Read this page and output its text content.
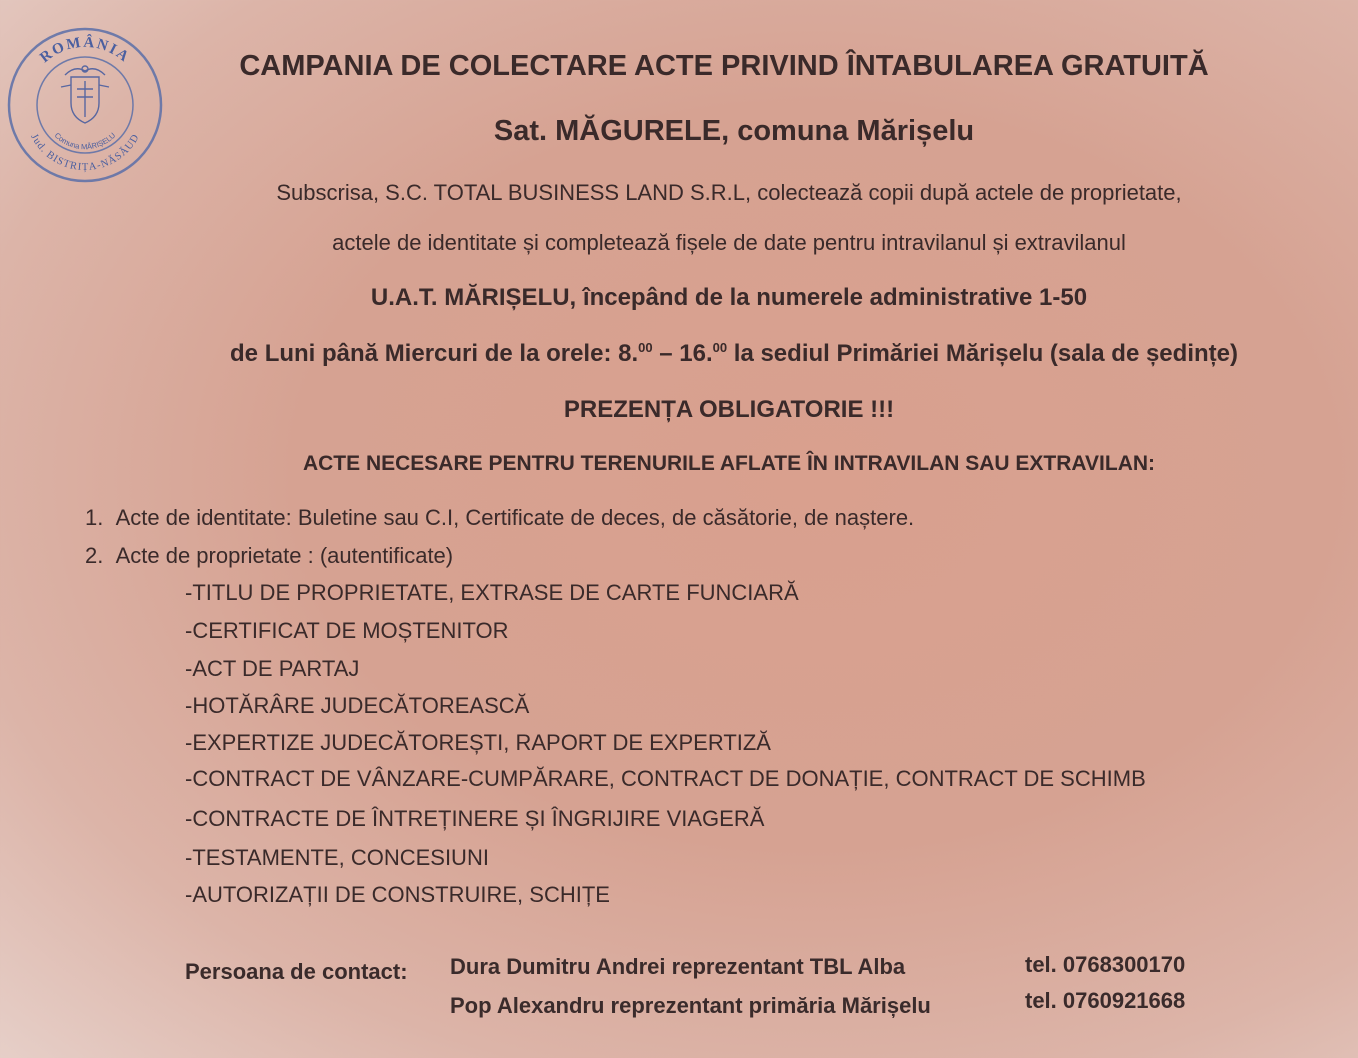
ROMÂNIA
Jud. BISTRIȚA-NĂSĂUD
Comuna MĂRIȘELU
CAMPANIA DE COLECTARE ACTE PRIVIND ÎNTABULAREA GRATUITĂ
Sat. MĂGURELE, comuna Mărișelu
Subscrisa, S.C. TOTAL BUSINESS LAND S.R.L, colectează copii după actele de proprietate,
actele de identitate și completează fișele de date pentru intravilanul și extravilanul
U.A.T. MĂRIȘELU, începând de la numerele administrative 1-50
de Luni până Miercuri de la orele: 8.00 – 16.00 la sediul Primăriei Mărișelu (sala de ședințe)
PREZENȚA OBLIGATORIE !!!
ACTE NECESARE PENTRU TERENURILE AFLATE ÎN INTRAVILAN SAU EXTRAVILAN:
1. Acte de identitate: Buletine sau C.I, Certificate de deces, de căsătorie, de naștere.
2. Acte de proprietate : (autentificate)
-TITLU DE PROPRIETATE, EXTRASE DE CARTE FUNCIARĂ
-CERTIFICAT DE MOȘTENITOR
-ACT DE PARTAJ
-HOTĂRÂRE JUDECĂTOREASCĂ
-EXPERTIZE JUDECĂTOREȘTI, RAPORT DE EXPERTIZĂ
-CONTRACT DE VÂNZARE-CUMPĂRARE, CONTRACT DE DONAȚIE, CONTRACT DE SCHIMB
-CONTRACTE DE ÎNTREȚINERE ȘI ÎNGRIJIRE VIAGERĂ
-TESTAMENTE, CONCESIUNI
-AUTORIZAȚII DE CONSTRUIRE, SCHIȚE
Persoana de contact: Dura Dumitru Andrei reprezentant TBL Alba	tel. 0768300170
Pop Alexandru reprezentant primăria Mărișelu	tel. 0760921668
